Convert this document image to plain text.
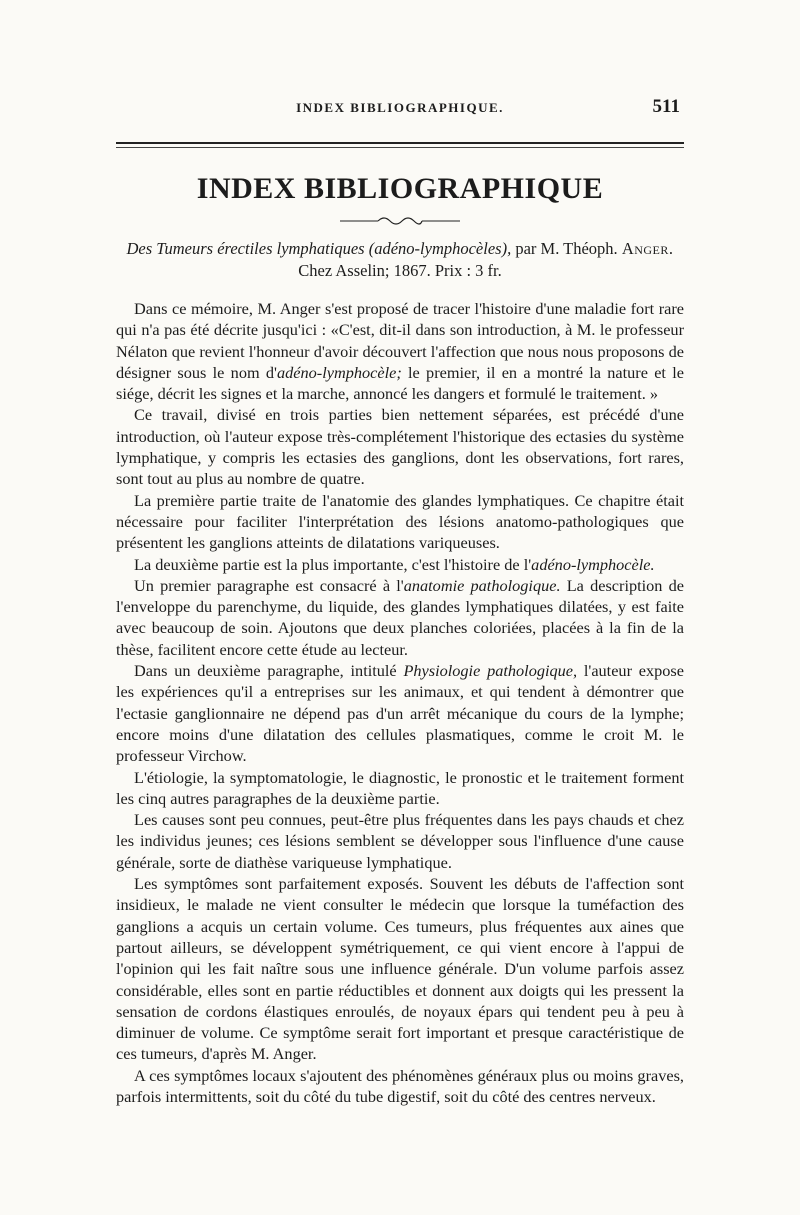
INDEX BIBLIOGRAPHIQUE.	511
INDEX BIBLIOGRAPHIQUE
Des Tumeurs érectiles lymphatiques (adéno-lymphocèles), par M. Théoph. Anger.
Chez Asselin; 1867. Prix : 3 fr.

Dans ce mémoire, M. Anger s'est proposé de tracer l'histoire d'une maladie fort rare qui n'a pas été décrite jusqu'ici : «C'est, dit-il dans son introduction, à M. le professeur Nélaton que revient l'honneur d'avoir découvert l'affection que nous nous proposons de désigner sous le nom d'adéno-lymphocèle; le premier, il en a montré la nature et le siége, décrit les signes et la marche, annoncé les dangers et formulé le traitement. »

Ce travail, divisé en trois parties bien nettement séparées, est précédé d'une introduction, où l'auteur expose très-complétement l'historique des ectasies du système lymphatique, y compris les ectasies des ganglions, dont les observations, fort rares, sont tout au plus au nombre de quatre.

La première partie traite de l'anatomie des glandes lymphatiques. Ce chapitre était nécessaire pour faciliter l'interprétation des lésions anatomo-pathologiques que présentent les ganglions atteints de dilatations variqueuses.

La deuxième partie est la plus importante, c'est l'histoire de l'adéno-lymphocèle.

Un premier paragraphe est consacré à l'anatomie pathologique. La description de l'enveloppe du parenchyme, du liquide, des glandes lymphatiques dilatées, y est faite avec beaucoup de soin. Ajoutons que deux planches coloriées, placées à la fin de la thèse, facilitent encore cette étude au lecteur.

Dans un deuxième paragraphe, intitulé Physiologie pathologique, l'auteur expose les expériences qu'il a entreprises sur les animaux, et qui tendent à démontrer que l'ectasie ganglionnaire ne dépend pas d'un arrêt mécanique du cours de la lymphe; encore moins d'une dilatation des cellules plasmatiques, comme le croit M. le professeur Virchow.

L'étiologie, la symptomatologie, le diagnostic, le pronostic et le traitement forment les cinq autres paragraphes de la deuxième partie.

Les causes sont peu connues, peut-être plus fréquentes dans les pays chauds et chez les individus jeunes; ces lésions semblent se développer sous l'influence d'une cause générale, sorte de diathèse variqueuse lymphatique.

Les symptômes sont parfaitement exposés. Souvent les débuts de l'affection sont insidieux, le malade ne vient consulter le médecin que lorsque la tuméfaction des ganglions a acquis un certain volume. Ces tumeurs, plus fréquentes aux aines que partout ailleurs, se développent symétriquement, ce qui vient encore à l'appui de l'opinion qui les fait naître sous une influence générale. D'un volume parfois assez considérable, elles sont en partie réductibles et donnent aux doigts qui les pressent la sensation de cordons élastiques enroulés, de noyaux épars qui tendent peu à peu à diminuer de volume. Ce symptôme serait fort important et presque caractéristique de ces tumeurs, d'après M. Anger.

A ces symptômes locaux s'ajoutent des phénomènes généraux plus ou moins graves, parfois intermittents, soit du côté du tube digestif, soit du côté des centres nerveux.
